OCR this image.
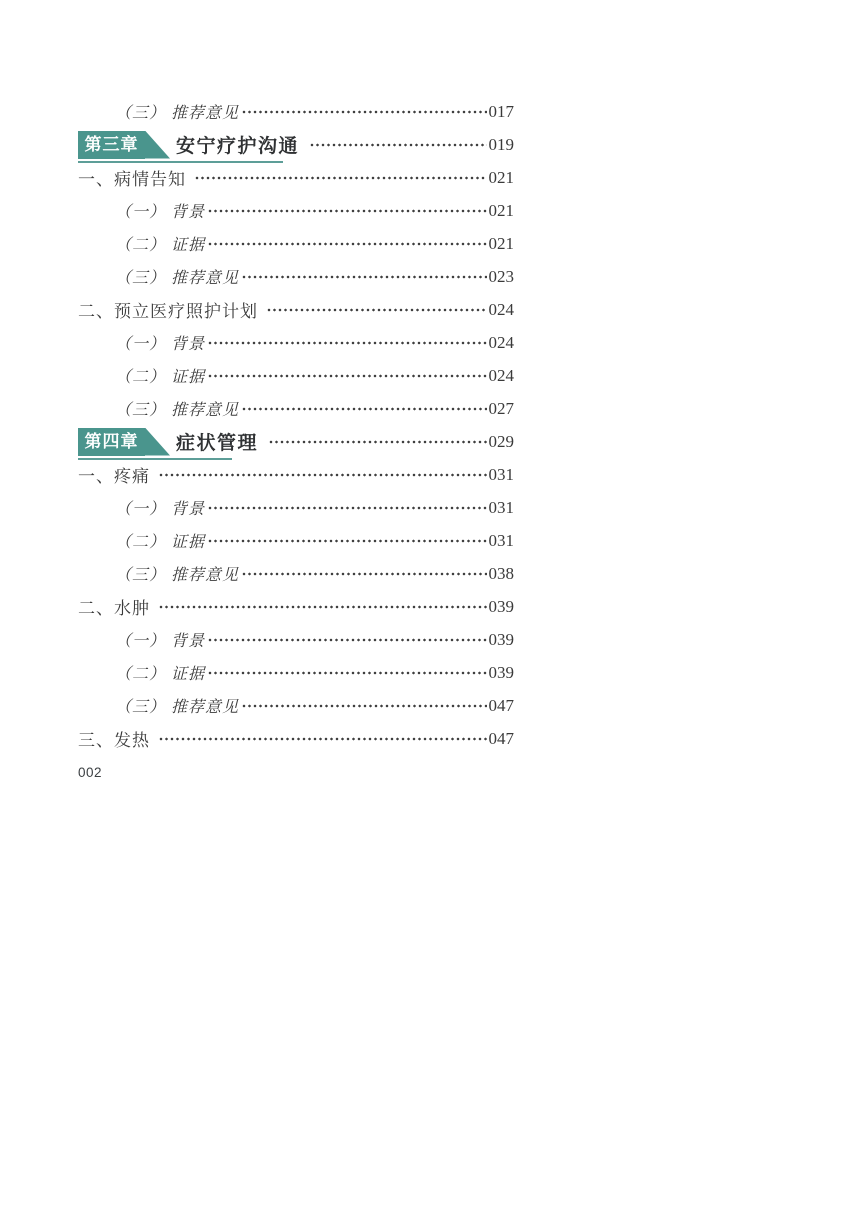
（三） 推荐意见	017
第三章	安宁疗护沟通	019
一、病情告知	021
（一） 背景	021
（二） 证据	021
（三） 推荐意见	023
二、预立医疗照护计划	024
（一） 背景	024
（二） 证据	024
（三） 推荐意见	027
第四章	症状管理	029
一、疼痛	031
（一） 背景	031
（二） 证据	031
（三） 推荐意见	038
二、水肿	039
（一） 背景	039
（二） 证据	039
（三） 推荐意见	047
三、发热	047
002
